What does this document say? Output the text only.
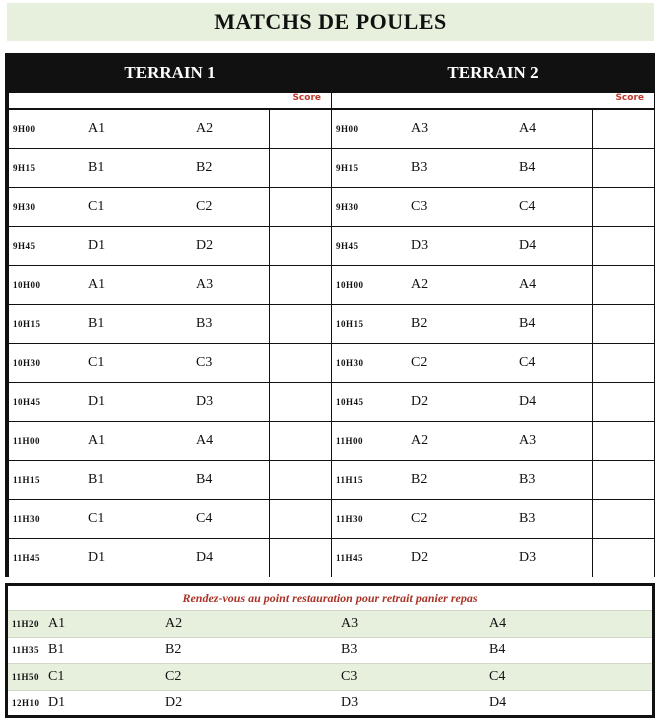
MATCHS DE POULES
TERRAIN 1
Score
9H00	A1	A2
9H15	B1	B2
9H30	C1	C2
9H45	D1	D2
10H00	A1	A3
10H15	B1	B3
10H30	C1	C3
10H45	D1	D3
11H00	A1	A4
11H15	B1	B4
11H30	C1	C4
11H45	D1	D4
TERRAIN 2
Score
9H00	A3	A4
9H15	B3	B4
9H30	C3	C4
9H45	D3	D4
10H00	A2	A4
10H15	B2	B4
10H30	C2	C4
10H45	D2	D4
11H00	A2	A3
11H15	B2	B3
11H30	C2	B3
11H45	D2	D3
Rendez-vous au point restauration pour retrait panier repas
11H20 A1	A2	A3	A4
11H35 B1	B2	B3	B4
11H50 C1	C2	C3	C4
12H10 D1	D2	D3	D4
